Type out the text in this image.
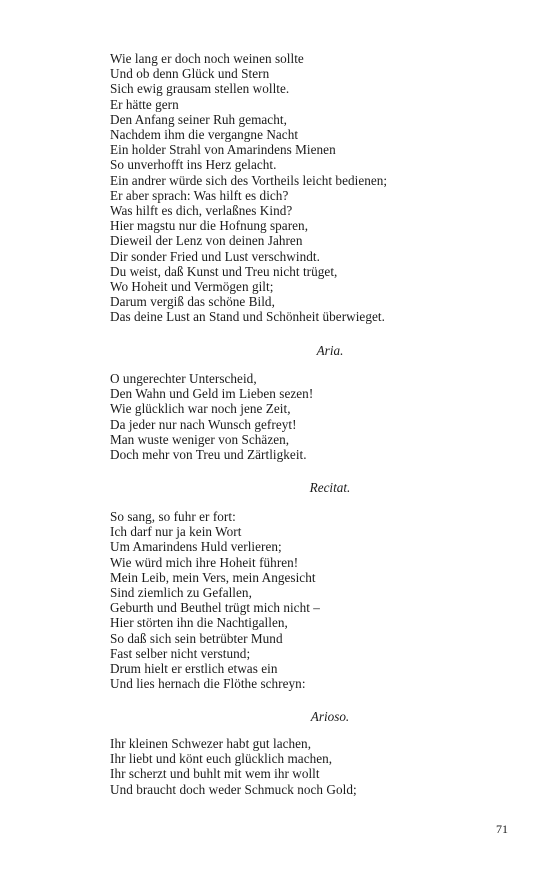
Wie lang er doch noch weinen sollte
Und ob denn Glück und Stern
Sich ewig grausam stellen wollte.
Er hätte gern
Den Anfang seiner Ruh gemacht,
Nachdem ihm die vergangne Nacht
Ein holder Strahl von Amarindens Mienen
So unverhofft ins Herz gelacht.
Ein andrer würde sich des Vortheils leicht bedienen;
Er aber sprach: Was hilft es dich?
Was hilft es dich, verlaßnes Kind?
Hier magstu nur die Hofnung sparen,
Dieweil der Lenz von deinen Jahren
Dir sonder Fried und Lust verschwindt.
Du weist, daß Kunst und Treu nicht trüget,
Wo Hoheit und Vermögen gilt;
Darum vergiß das schöne Bild,
Das deine Lust an Stand und Schönheit überwieget.
Aria.
O ungerechter Unterscheid,
Den Wahn und Geld im Lieben sezen!
Wie glücklich war noch jene Zeit,
Da jeder nur nach Wunsch gefreyt!
Man wuste weniger von Schäzen,
Doch mehr von Treu und Zärtligkeit.
Recitat.
So sang, so fuhr er fort:
Ich darf nur ja kein Wort
Um Amarindens Huld verlieren;
Wie würd mich ihre Hoheit führen!
Mein Leib, mein Vers, mein Angesicht
Sind ziemlich zu Gefallen,
Geburth und Beuthel trügt mich nicht –
Hier störten ihn die Nachtigallen,
So daß sich sein betrübter Mund
Fast selber nicht verstund;
Drum hielt er erstlich etwas ein
Und lies hernach die Flöthe schreyn:
Arioso.
Ihr kleinen Schwezer habt gut lachen,
Ihr liebt und könt euch glücklich machen,
Ihr scherzt und buhlt mit wem ihr wollt
Und braucht doch weder Schmuck noch Gold;
71
